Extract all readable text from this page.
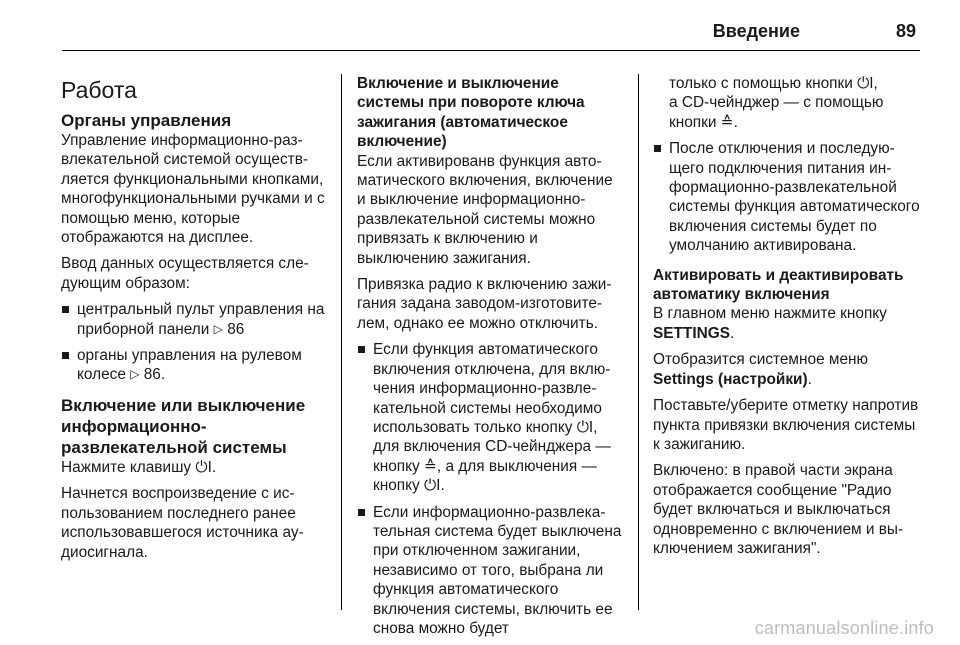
Введение	89
Работа
Органы управления

Управление информационно-развлекательной системой осуществляется функциональными кнопками, многофункциональными ручками и с помощью меню, которые отображаются на дисплее.

Ввод данных осуществляется следующим образом:

центральный пульт управления на приборной панели ▷ 86
органы управления на рулевом колесе ▷ 86.
Включение или выключение информационно-развлекательной системы

Нажмите клавишу ⏻I.

Начнется воспроизведение с использованием последнего ранее использовавшегося источника аудиосигнала.

Включение и выключение системы при повороте ключа зажигания (автоматическое включение)

Если активированв функция автоматического включения, включение и выключение информационно-развлекательной системы можно привязать к включению и выключению зажигания.

Привязка радио к включению зажигания задана заводом-изготовителем, однако ее можно отключить.

Если функция автоматического включения отключена, для включения информационно-развлекательной системы необходимо использовать только кнопку ⏻I, для включения CD-чейнджера — кнопку ≙, а для выключения — кнопку ⏻I.
Если информационно-развлекательная система будет выключена при отключенном зажигании, независимо от того, выбрана ли функция автоматического включения системы, включить ее снова можно будет
только с помощью кнопки ⏻I,

а CD-чейнджер — с помощью кнопки ≙.

После отключения и последующего подключения питания информационно-развлекательной системы функция автоматического включения системы будет по умолчанию активирована.
Активировать и деактивировать автоматику включения

В главном меню нажмите кнопку SETTINGS.

Отобразится системное меню Settings (настройки).

Поставьте/уберите отметку напротив пункта привязки включения системы к зажиганию.

Включено: в правой части экрана отображается сообщение "Радио будет включаться и выключаться одновременно с включением и выключением зажигания".

carmanualsonline.info
